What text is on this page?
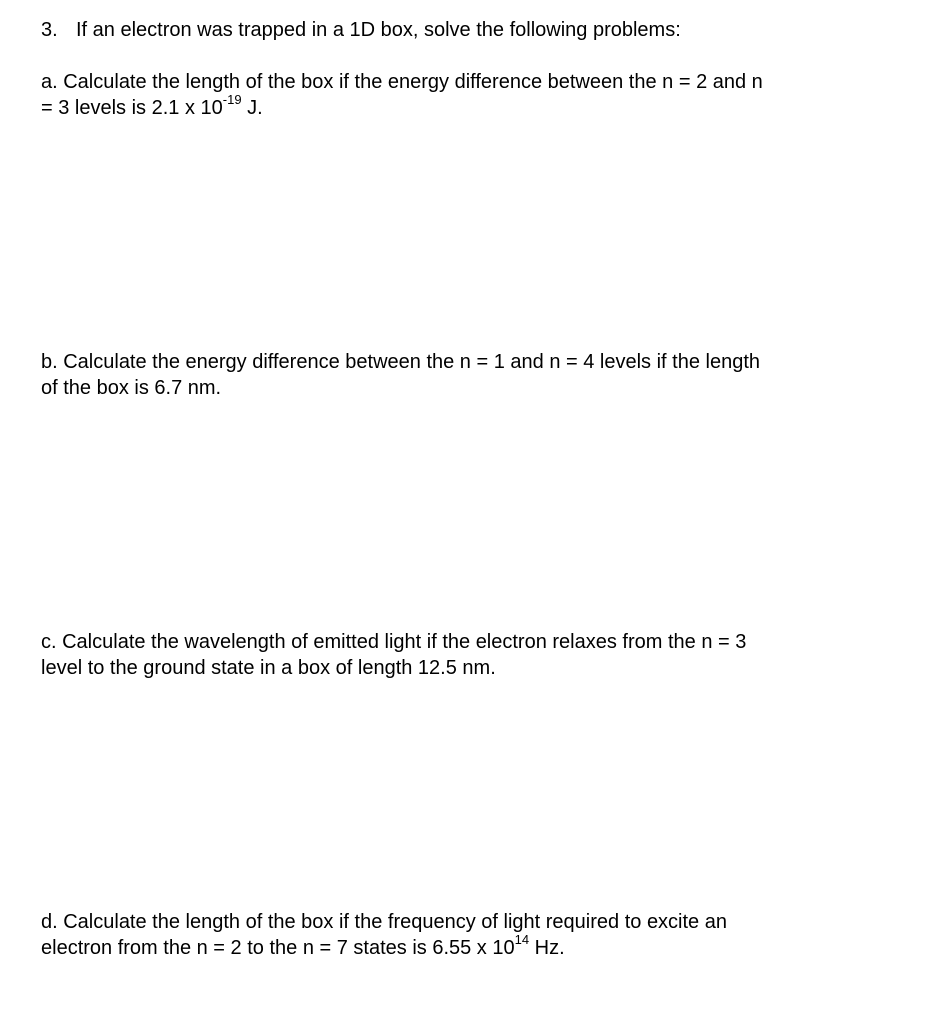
3. If an electron was trapped in a 1D box, solve the following problems:
a. Calculate the length of the box if the energy difference between the n = 2 and n
= 3 levels is 2.1 x $10^{-19}$ J.
b. Calculate the energy difference between the n = 1 and n = 4 levels if the length
of the box is 6.7 nm.
c. Calculate the wavelength of emitted light if the electron relaxes from the n = 3
level to the ground state in a box of length 12.5 nm.
d. Calculate the length of the box if the frequency of light required to excite an
electron from the n = 2 to the n = 7 states is 6.55 x $10^{14}$ Hz.
